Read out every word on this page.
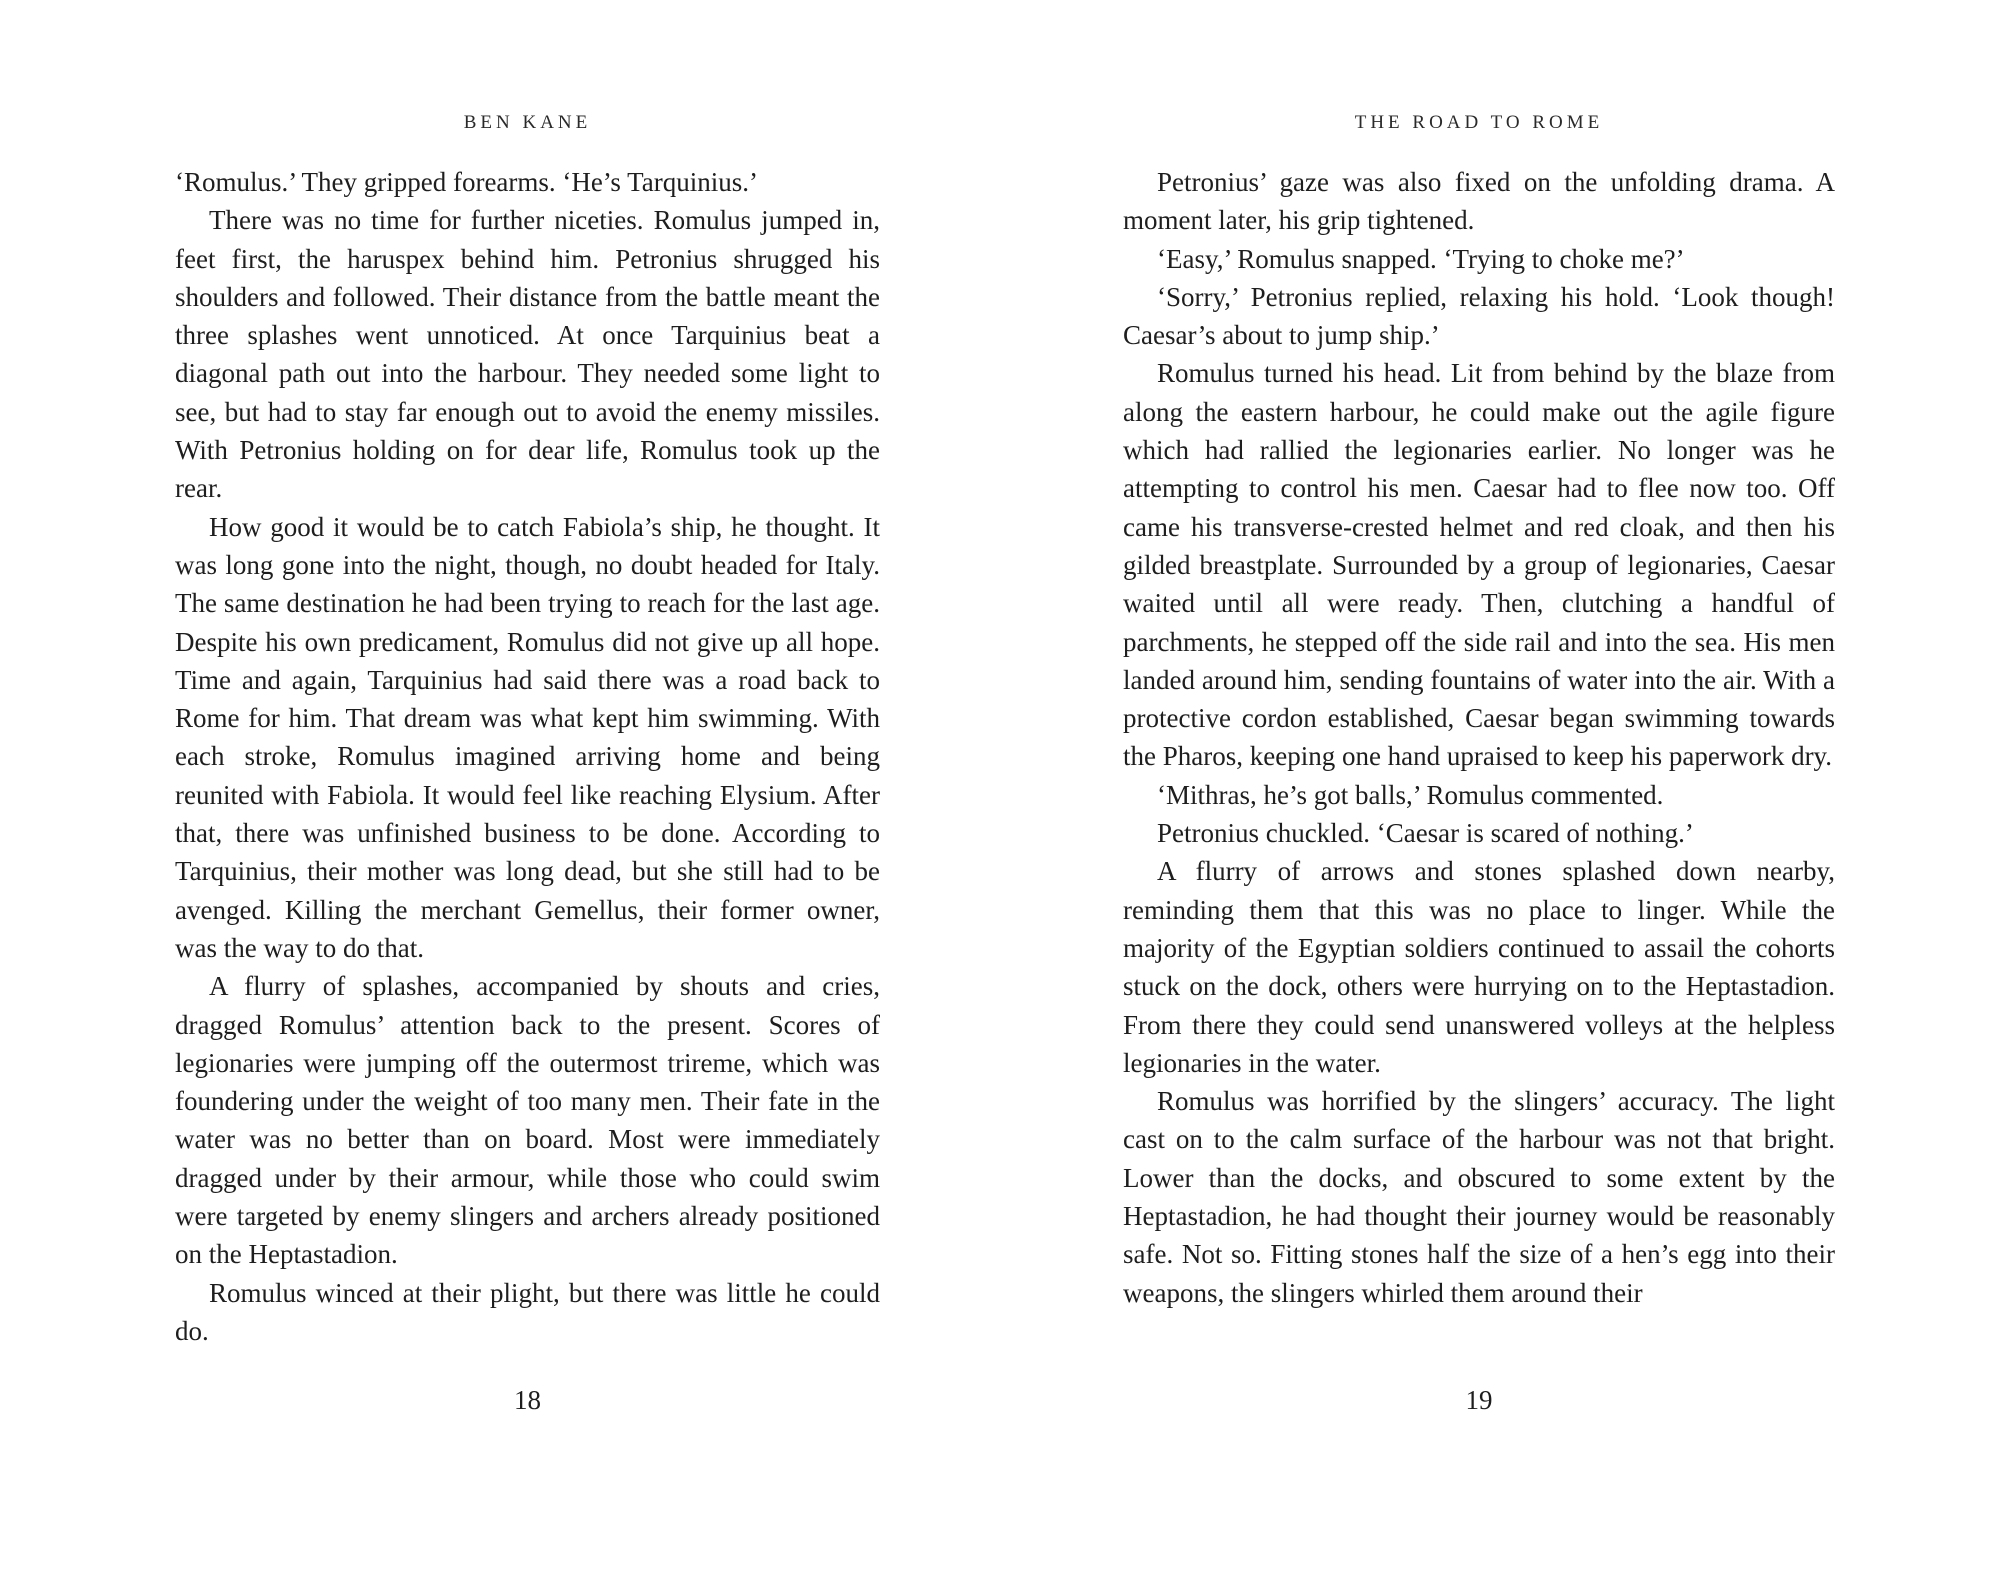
BEN KANE

‘Romulus.’ They gripped forearms. ‘He’s Tarquinius.’

There was no time for further niceties. Romulus jumped in, feet first, the haruspex behind him. Petronius shrugged his shoulders and followed. Their distance from the battle meant the three splashes went unnoticed. At once Tarquinius beat a diagonal path out into the harbour. They needed some light to see, but had to stay far enough out to avoid the enemy missiles. With Petronius holding on for dear life, Romulus took up the rear.

How good it would be to catch Fabiola’s ship, he thought. It was long gone into the night, though, no doubt headed for Italy. The same destination he had been trying to reach for the last age. Despite his own predicament, Romulus did not give up all hope. Time and again, Tarquinius had said there was a road back to Rome for him. That dream was what kept him swimming. With each stroke, Romulus imagined arriving home and being reunited with Fabiola. It would feel like reaching Elysium. After that, there was unfinished business to be done. According to Tarquinius, their mother was long dead, but she still had to be avenged. Killing the merchant Gemellus, their former owner, was the way to do that.

A flurry of splashes, accompanied by shouts and cries, dragged Romulus’ attention back to the present. Scores of legionaries were jumping off the outermost trireme, which was foundering under the weight of too many men. Their fate in the water was no better than on board. Most were immediately dragged under by their armour, while those who could swim were targeted by enemy slingers and archers already positioned on the Heptastadion.

Romulus winced at their plight, but there was little he could do.

18
THE ROAD TO ROME

Petronius’ gaze was also fixed on the unfolding drama. A moment later, his grip tightened.

‘Easy,’ Romulus snapped. ‘Trying to choke me?’

‘Sorry,’ Petronius replied, relaxing his hold. ‘Look though! Caesar’s about to jump ship.’

Romulus turned his head. Lit from behind by the blaze from along the eastern harbour, he could make out the agile figure which had rallied the legionaries earlier. No longer was he attempting to control his men. Caesar had to flee now too. Off came his transverse-crested helmet and red cloak, and then his gilded breastplate. Surrounded by a group of legionaries, Caesar waited until all were ready. Then, clutching a handful of parchments, he stepped off the side rail and into the sea. His men landed around him, sending fountains of water into the air. With a protective cordon established, Caesar began swimming towards the Pharos, keeping one hand upraised to keep his paperwork dry.

‘Mithras, he’s got balls,’ Romulus commented.

Petronius chuckled. ‘Caesar is scared of nothing.’

A flurry of arrows and stones splashed down nearby, reminding them that this was no place to linger. While the majority of the Egyptian soldiers continued to assail the cohorts stuck on the dock, others were hurrying on to the Heptastadion. From there they could send unanswered volleys at the helpless legionaries in the water.

Romulus was horrified by the slingers’ accuracy. The light cast on to the calm surface of the harbour was not that bright. Lower than the docks, and obscured to some extent by the Heptastadion, he had thought their journey would be reasonably safe. Not so. Fitting stones half the size of a hen’s egg into their weapons, the slingers whirled them around their

19
